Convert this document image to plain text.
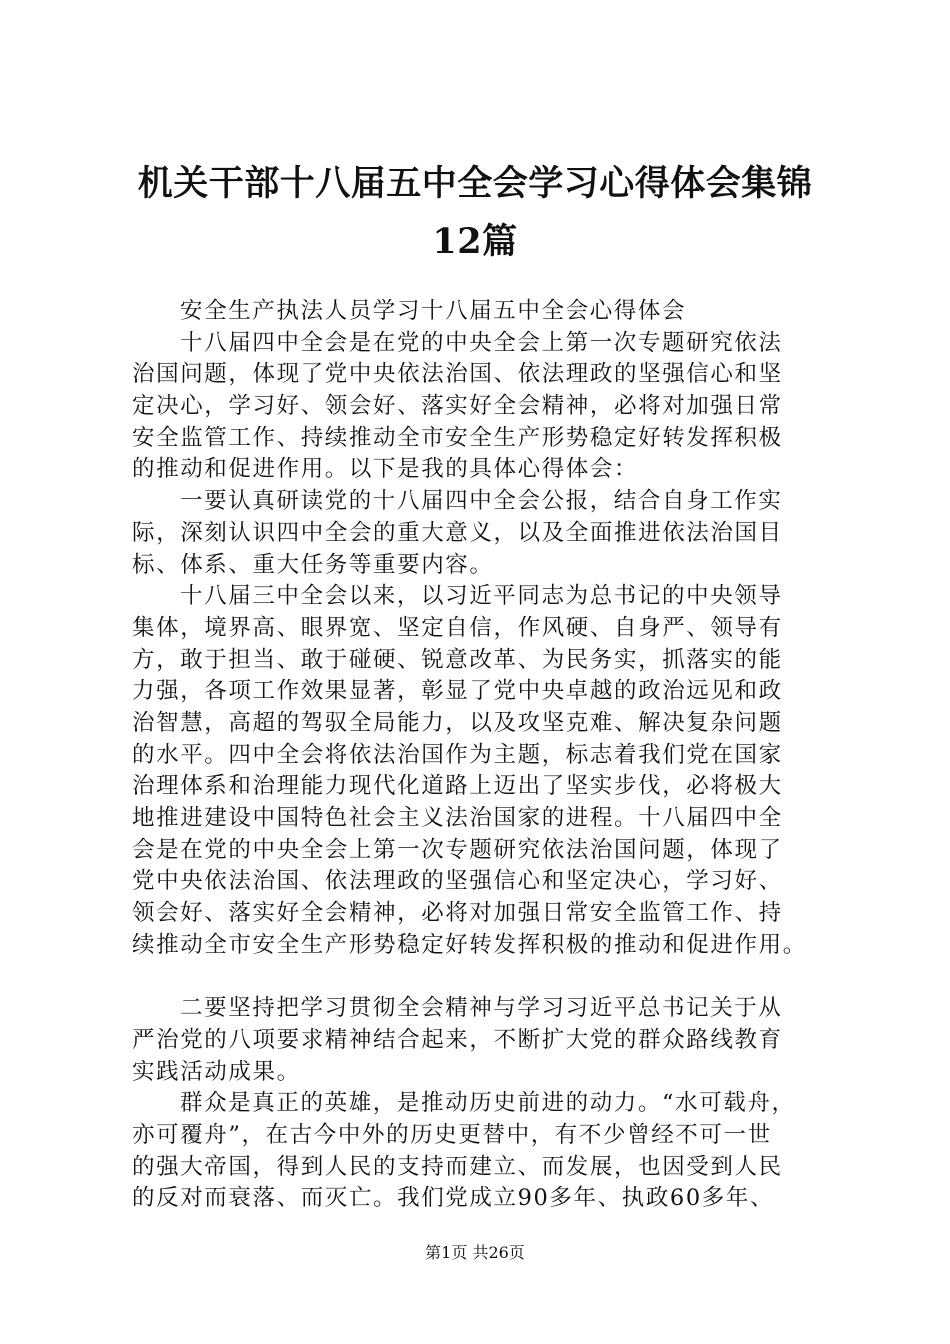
机关干部十八届五中全会学习心得体会集锦
12篇
安全生产执法人员学习十八届五中全会心得体会
十八届四中全会是在党的中央全会上第一次专题研究依法
治国问题，体现了党中央依法治国、依法理政的坚强信心和坚
定决心，学习好、领会好、落实好全会精神，必将对加强日常
安全监管工作、持续推动全市安全生产形势稳定好转发挥积极
的推动和促进作用。以下是我的具体心得体会：
一要认真研读党的十八届四中全会公报，结合自身工作实
际，深刻认识四中全会的重大意义，以及全面推进依法治国目
标、体系、重大任务等重要内容。
十八届三中全会以来，以习近平同志为总书记的中央领导
集体，境界高、眼界宽、坚定自信，作风硬、自身严、领导有
方，敢于担当、敢于碰硬、锐意改革、为民务实，抓落实的能
力强，各项工作效果显著，彰显了党中央卓越的政治远见和政
治智慧，高超的驾驭全局能力，以及攻坚克难、解决复杂问题
的水平。四中全会将依法治国作为主题，标志着我们党在国家
治理体系和治理能力现代化道路上迈出了坚实步伐，必将极大
地推进建设中国特色社会主义法治国家的进程。十八届四中全
会是在党的中央全会上第一次专题研究依法治国问题，体现了
党中央依法治国、依法理政的坚强信心和坚定决心，学习好、
领会好、落实好全会精神，必将对加强日常安全监管工作、持
续推动全市安全生产形势稳定好转发挥积极的推动和促进作用。
二要坚持把学习贯彻全会精神与学习习近平总书记关于从
严治党的八项要求精神结合起来，不断扩大党的群众路线教育
实践活动成果。
群众是真正的英雄，是推动历史前进的动力。“水可载舟，
亦可覆舟”，在古今中外的历史更替中，有不少曾经不可一世
的强大帝国，得到人民的支持而建立、而发展，也因受到人民
的反对而衰落、而灭亡。我们党成立90多年、执政60多年、
第1页 共26页
